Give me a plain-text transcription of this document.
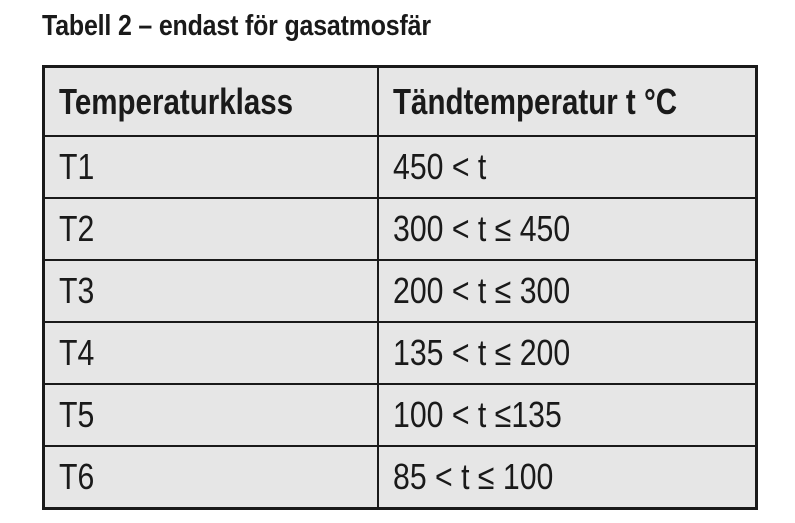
Tabell 2 – endast för gasatmosfär
Temperaturklass	Tändtemperatur t °C
T1	450 < t
T2	300 < t ≤ 450
T3	200 < t ≤ 300
T4	135 < t ≤ 200
T5	100 < t ≤135
T6	85 < t ≤ 100
